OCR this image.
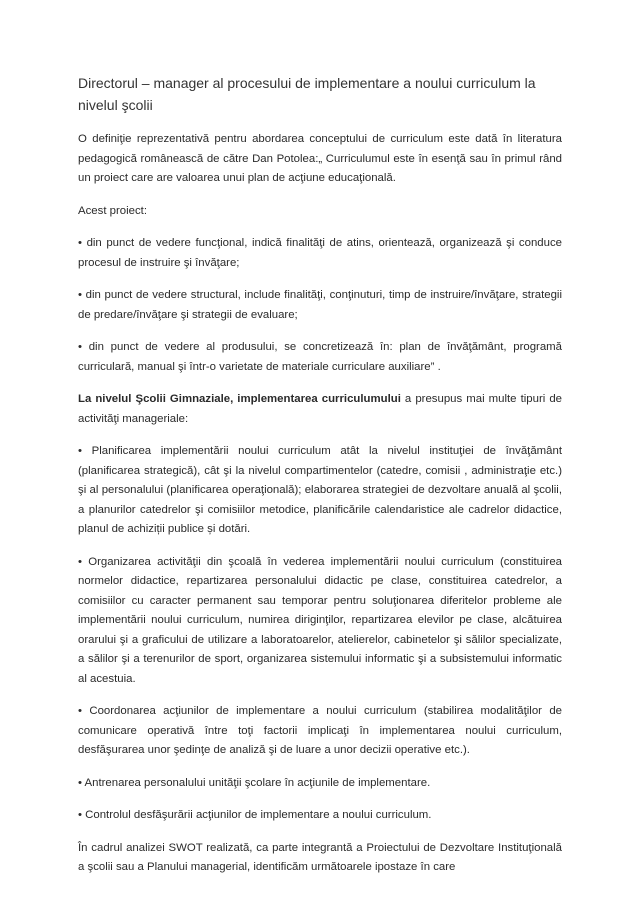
Directorul – manager al procesului de implementare a noului curriculum la nivelul şcolii

O definiţie reprezentativă pentru abordarea conceptului de curriculum este dată în literatura pedagogică românească de către Dan Potolea:„ Curriculumul este în esenţă sau în primul rând un proiect care are valoarea unui plan de acţiune educaţională.

Acest proiect:

• din punct de vedere funcţional, indică finalităţi de atins, orientează, organizează şi conduce procesul de instruire şi învăţare;

• din punct de vedere structural, include finalităţi, conţinuturi, timp de instruire/învăţare, strategii de predare/învăţare şi strategii de evaluare;

• din punct de vedere al produsului, se concretizează în: plan de învăţământ, programă curriculară, manual şi într-o varietate de materiale curriculare auxiliare” .

La nivelul Şcolii Gimnaziale, implementarea curriculumului a presupus mai multe tipuri de activităţi manageriale:

• Planificarea implementării noului curriculum atât la nivelul instituţiei de învăţământ (planificarea strategică), cât şi la nivelul compartimentelor (catedre, comisii , administraţie etc.) şi al personalului (planificarea operaţională); elaborarea strategiei de dezvoltare anuală al şcolii, a planurilor catedrelor şi comisiilor metodice, planificările calendaristice ale cadrelor didactice, planul de achiziții publice și dotări.

• Organizarea activităţii din şcoală în vederea implementării noului curriculum (constituirea normelor didactice, repartizarea personalului didactic pe clase, constituirea catedrelor, a comisiilor cu caracter permanent sau temporar pentru soluţionarea diferitelor probleme ale implementării noului curriculum, numirea diriginţilor, repartizarea elevilor pe clase, alcătuirea orarului şi a graficului de utilizare a laboratoarelor, atelierelor, cabinetelor şi sălilor specializate, a sălilor şi a terenurilor de sport, organizarea sistemului informatic şi a subsistemului informatic al acestuia.

• Coordonarea acţiunilor de implementare a noului curriculum (stabilirea modalităţilor de comunicare operativă între toţi factorii implicaţi în implementarea noului curriculum, desfăşurarea unor şedinţe de analiză şi de luare a unor decizii operative etc.).

• Antrenarea personalului unităţii şcolare în acţiunile de implementare.

• Controlul desfăşurării acţiunilor de implementare a noului curriculum.

În cadrul analizei SWOT realizată, ca parte integrantă a Proiectului de Dezvoltare Instituţională a şcolii sau a Planului managerial, identificăm următoarele ipostaze în care
